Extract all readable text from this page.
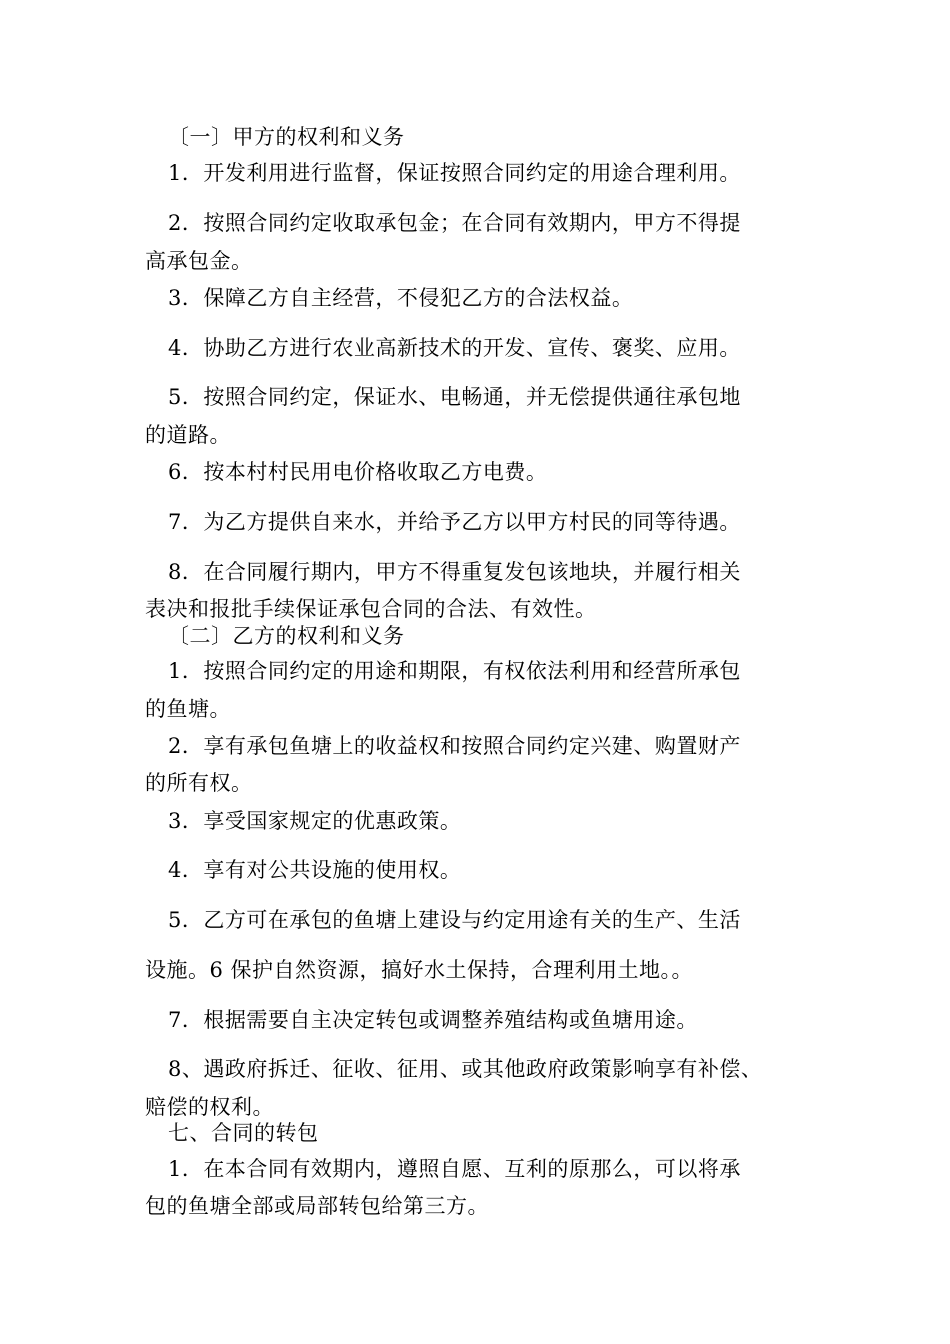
〔一〕甲方的权利和义务
1．开发利用进行监督，保证按照合同约定的用途合理利用。
2．按照合同约定收取承包金；在合同有效期内，甲方不得提
高承包金。
3．保障乙方自主经营，不侵犯乙方的合法权益。
4．协助乙方进行农业高新技术的开发、宣传、褒奖、应用。
5．按照合同约定，保证水、电畅通，并无偿提供通往承包地
的道路。
6．按本村村民用电价格收取乙方电费。
7．为乙方提供自来水，并给予乙方以甲方村民的同等待遇。
8．在合同履行期内，甲方不得重复发包该地块，并履行相关
表决和报批手续保证承包合同的合法、有效性。
〔二〕乙方的权利和义务
1．按照合同约定的用途和期限，有权依法利用和经营所承包
的鱼塘。
2．享有承包鱼塘上的收益权和按照合同约定兴建、购置财产
的所有权。
3．享受国家规定的优惠政策。
4．享有对公共设施的使用权。
5．乙方可在承包的鱼塘上建设与约定用途有关的生产、生活
设施。6 保护自然资源，搞好水土保持，合理利用土地。。
7．根据需要自主决定转包或调整养殖结构或鱼塘用途。
8、遇政府拆迁、征收、征用、或其他政府政策影响享有补偿、
赔偿的权利。
七、合同的转包
1．在本合同有效期内，遵照自愿、互利的原那么，可以将承
包的鱼塘全部或局部转包给第三方。
